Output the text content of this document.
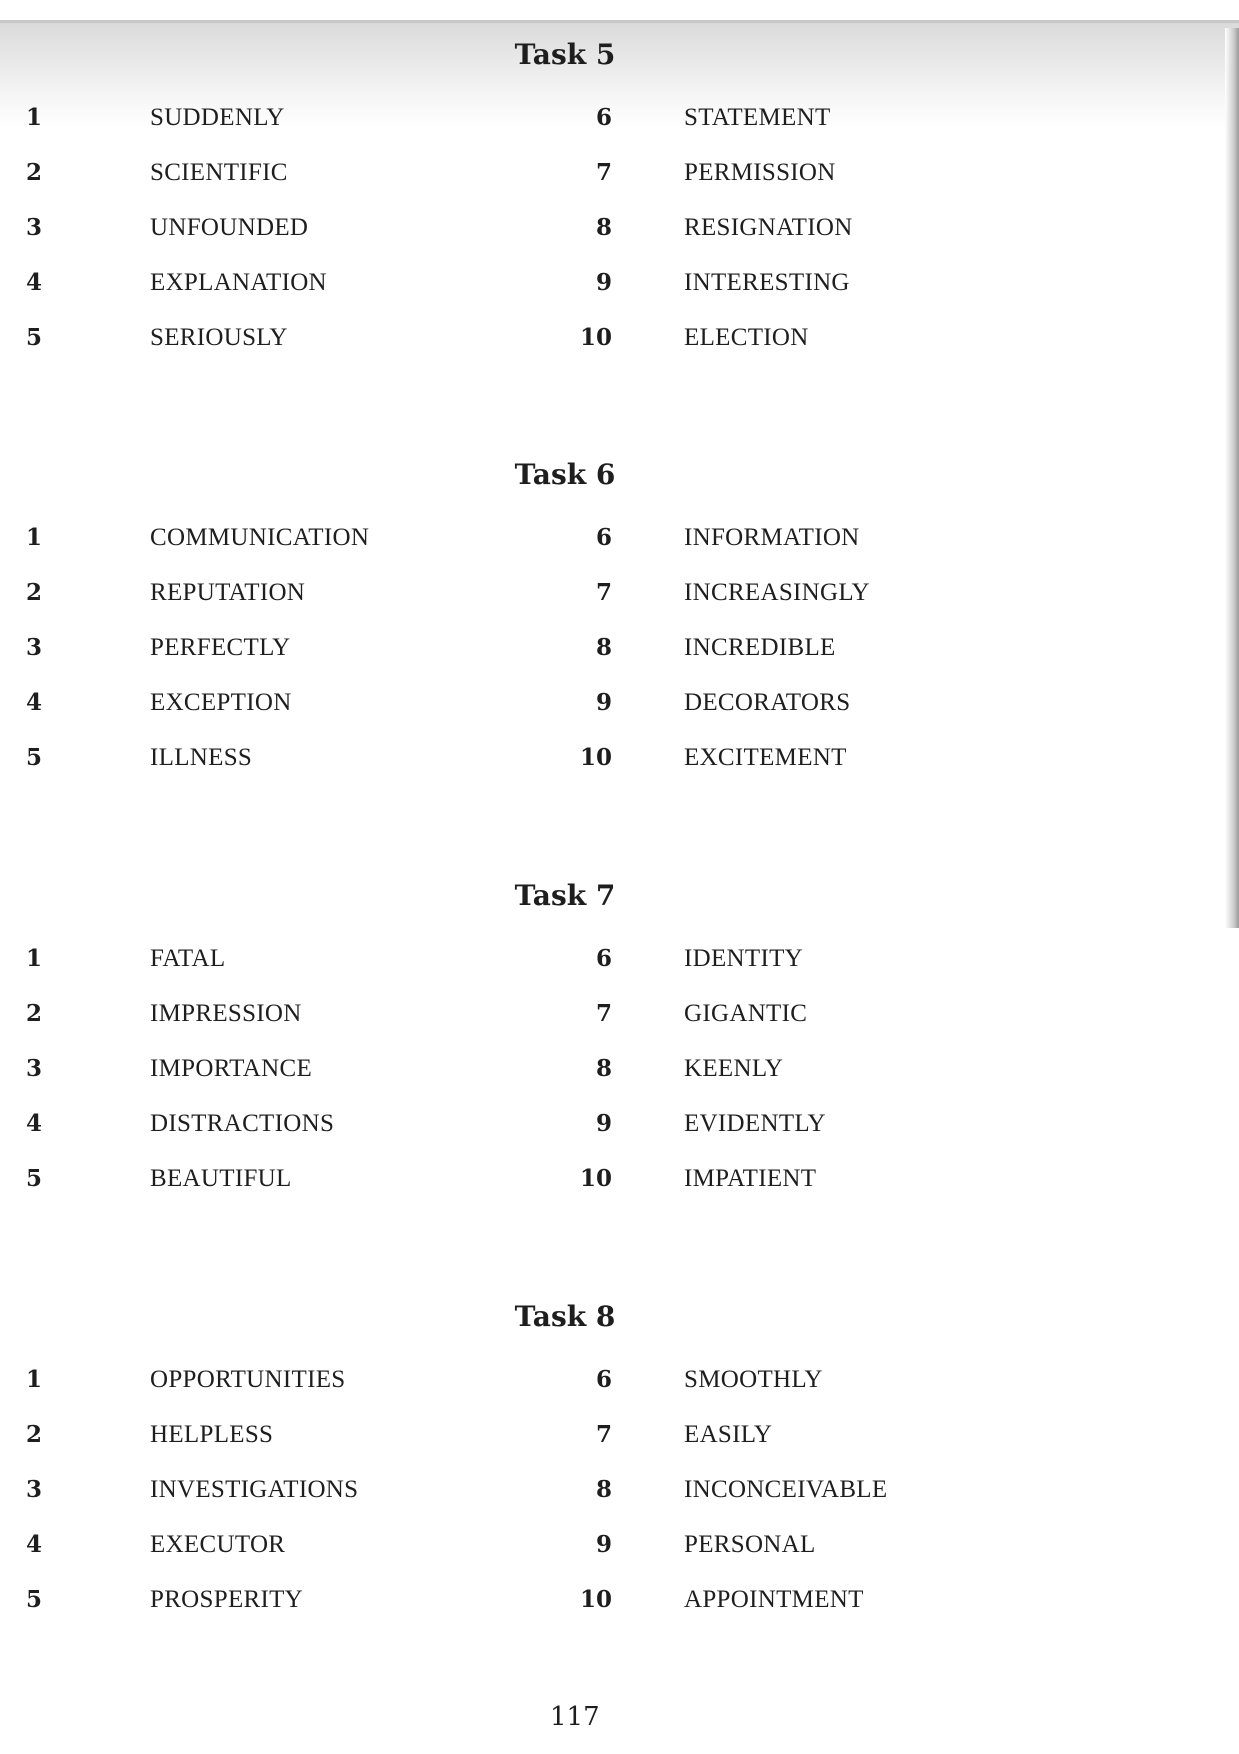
Task 5
1	SUDDENLY	6	STATEMENT
2	SCIENTIFIC	7	PERMISSION
3	UNFOUNDED	8	RESIGNATION
4	EXPLANATION	9	INTERESTING
5	SERIOUSLY	10	ELECTION
Task 6
1	COMMUNICATION	6	INFORMATION
2	REPUTATION	7	INCREASINGLY
3	PERFECTLY	8	INCREDIBLE
4	EXCEPTION	9	DECORATORS
5	ILLNESS	10	EXCITEMENT
Task 7
1	FATAL	6	IDENTITY
2	IMPRESSION	7	GIGANTIC
3	IMPORTANCE	8	KEENLY
4	DISTRACTIONS	9	EVIDENTLY
5	BEAUTIFUL	10	IMPATIENT
Task 8
1	OPPORTUNITIES	6	SMOOTHLY
2	HELPLESS	7	EASILY
3	INVESTIGATIONS	8	INCONCEIVABLE
4	EXECUTOR	9	PERSONAL
5	PROSPERITY	10	APPOINTMENT
117
